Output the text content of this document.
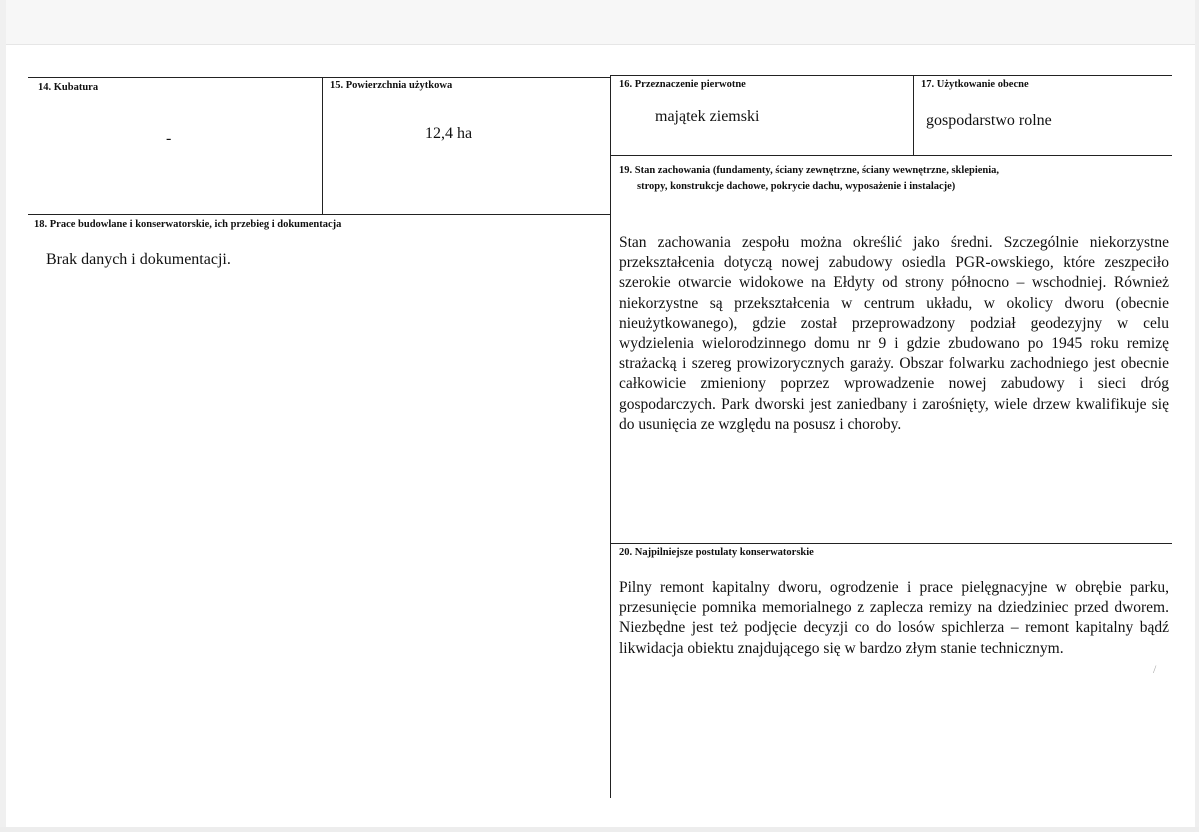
14. Kubatura
-
15. Powierzchnia użytkowa
12,4 ha
16. Przeznaczenie pierwotne
majątek ziemski
17. Użytkowanie obecne
gospodarstwo rolne
18. Prace budowlane i konserwatorskie, ich przebieg i dokumentacja
Brak danych i dokumentacji.
19. Stan zachowania (fundamenty, ściany zewnętrzne, ściany wewnętrzne, sklepienia,
stropy, konstrukcje dachowe, pokrycie dachu, wyposażenie i instalacje)
Stan zachowania zespołu można określić jako średni. Szczególnie niekorzystne przekształcenia dotyczą nowej zabudowy osiedla PGR-owskiego, które zeszpeciło szerokie otwarcie widokowe na Ełdyty od strony północno – wschodniej. Również niekorzystne są przekształcenia w centrum układu, w okolicy dworu (obecnie nieużytkowanego), gdzie został przeprowadzony podział geodezyjny w celu wydzielenia wielorodzinnego domu nr 9 i gdzie zbudowano po 1945 roku remizę strażacką i szereg prowizorycznych garaży. Obszar folwarku zachodniego jest obecnie całkowicie zmieniony poprzez wprowadzenie nowej zabudowy i sieci dróg gospodarczych. Park dworski jest zaniedbany i zarośnięty, wiele drzew kwalifikuje się do usunięcia ze względu na posusz i choroby.
20. Najpilniejsze postulaty konserwatorskie
Pilny remont kapitalny dworu, ogrodzenie i prace pielęgnacyjne w obrębie parku, przesunięcie pomnika memorialnego z zaplecza remizy na dziedziniec przed dworem. Niezbędne jest też podjęcie decyzji co do losów spichlerza – remont kapitalny bądź likwidacja obiektu znajdującego się w bardzo złym stanie technicznym.
/
